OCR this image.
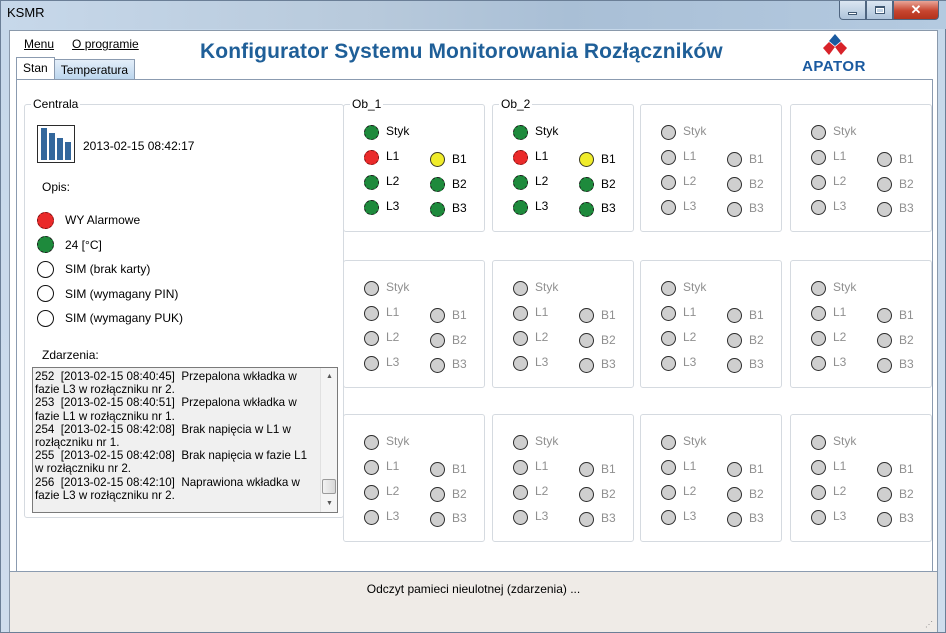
KSMR	✕
Menu O programie	Konfigurator Systemu Monitorowania Rozłączników
APATOR
Stan	Temperatura
Centrala
2013-02-15 08:42:17
Opis:
WY Alarmowe
24 [°C]
SIM (brak karty)
SIM (wymagany PIN)
SIM (wymagany PUK)
Zdarzenia:
252 [2013-02-15 08:40:45] Przepalona wkładka w fazie L3 w rozłączniku nr 2.
253 [2013-02-15 08:40:51] Przepalona wkładka w fazie L1 w rozłączniku nr 1.
254 [2013-02-15 08:42:08] Brak napięcia w L1 w rozłączniku nr 1.
255 [2013-02-15 08:42:08] Brak napięcia w fazie L1 w rozłączniku nr 2.
256 [2013-02-15 08:42:10] Naprawiona wkładka w fazie L3 w rozłączniku nr 2.
▲
▼
Ob_1
Styk
L1
L2
L3
B1
B2
B3
Ob_2
Styk
L1
L2
L3
B1
B2
B3
Styk
L1
L2
L3
B1
B2
B3
Styk
L1
L2
L3
B1
B2
B3
Styk
L1
L2
L3
B1
B2
B3
Styk
L1
L2
L3
B1
B2
B3
Styk
L1
L2
L3
B1
B2
B3
Styk
L1
L2
L3
B1
B2
B3
Styk
L1
L2
L3
B1
B2
B3
Styk
L1
L2
L3
B1
B2
B3
Styk
L1
L2
L3
B1
B2
B3
Styk
L1
L2
L3
B1
B2
B3
Odczyt pamieci nieulotnej (zdarzenia) ...
⋰
